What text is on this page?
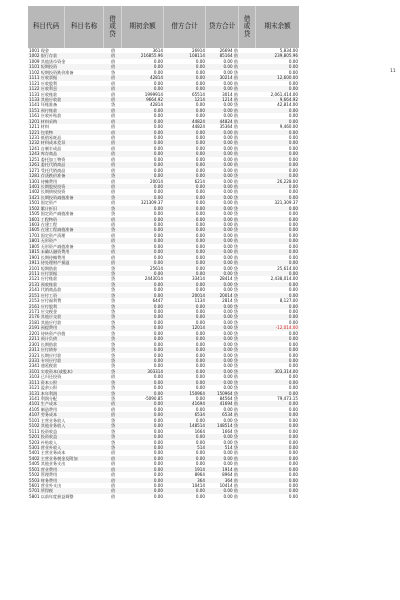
科目代码	科目名称
借
或
贷
期初余额	借方合计	贷方合计
借
或
贷
期末余额
1001 现金	借	3614	26914	26694 借	5,834.00
1002 银行存款	借	216855.96	108114	85164 借	239,805.96
1009 其他货币资金	借	0.00	0.00	0.00 借	0.00
1101 短期投资	借	0.00	0.00	0.00 借	0.00
1102 短期投资跌价准备	贷	0.00	0.00	0.00 贷	0.00
1111 应收票据	借	42814	0.00	30214 借	12,600.00
1121 应收股利	借	0.00	0.00	0.00 借	0.00
1122 应收利息	借	0.00	0.00	0.00 借	0.00
1131 应收账款	借	1999914	65514	3014 借	2,061,414.00
1133 其他应收款	借	9664.92	1214	1214 借	9,664.92
1141 坏账准备	贷	42814	0.00	0.00 贷	42,814.00
1151 预付账款	借	0.00	0.00	0.00 借	0.00
1161 应收补贴款	借	0.00	0.00	0.00 借	0.00
1201 材料采购	借	0.00	44824	44824 借	0.00
1211 材料	借	0.00	44824	35364 借	9,460.00
1221 包装物	借	0.00	0.00	0.00 借	0.00
1231 低值易耗品	借	0.00	0.00	0.00 借	0.00
1232 材料成本差异	借	0.00	0.00	0.00 借	0.00
1241 自制半成品	借	0.00	0.00	0.00 借	0.00
1243 库存商品	借	0.00	0.00	0.00 借	0.00
1251 委托加工物资	借	0.00	0.00	0.00 借	0.00
1261 委托代销商品	借	0.00	0.00	0.00 借	0.00
1271 受托代销商品	借	0.00	0.00	0.00 借	0.00
1281 存货跌价准备	贷	0.00	0.00	0.00 贷	0.00
1301 待摊费用	借	20014	6214	0.00 借	26,228.00
1401 长期股权投资	借	0.00	0.00	0.00 借	0.00
1402 长期债权投资	借	0.00	0.00	0.00 借	0.00
1421 长期投资减值准备	贷	0.00	0.00	0.00 贷	0.00
1501 固定资产	借	321309.37	0.00	0.00 借	321,309.37
1502 累计折旧	贷	0.00	0.00	0.00 贷	0.00
1505 固定资产减值准备	贷	0.00	0.00	0.00 贷	0.00
1601 工程物资	借	0.00	0.00	0.00 借	0.00
1603 在建工程	借	0.00	0.00	0.00 借	0.00
1605 在建工程减值准备	贷	0.00	0.00	0.00 贷	0.00
1701 固定资产清理	借	0.00	0.00	0.00 借	0.00
1801 无形资产	借	0.00	0.00	0.00 借	0.00
1805 无形资产减值准备	贷	0.00	0.00	0.00 贷	0.00
1815 未确认融资费用	借	0.00	0.00	0.00 借	0.00
1901 长期待摊费用	借	0.00	0.00	0.00 借	0.00
1911 待处理财产损溢	借	0.00	0.00	0.00 借	0.00
2101 短期借款	贷	25614	0.00	0.00 贷	25,614.00
2111 应付票据	贷	0.00	0.00	0.00 贷	0.00
2121 应付账款	贷	2443014	33414	28414 贷	2,438,014.00
2131 预收账款	贷	0.00	0.00	0.00 贷	0.00
2141 代销商品款	贷	0.00	0.00	0.00 贷	0.00
2151 应付工资	贷	0.00	20014	20014 贷	0.00
2153 应付福利费	贷	6447	1134	2814 贷	8,127.00
2161 应付股利	贷	0.00	0.00	0.00 贷	0.00
2171 应交税金	贷	0.00	0.00	0.00 贷	0.00
2176 其他应交款	贷	0.00	0.00	0.00 贷	0.00
2181 其他应付款	贷	0.00	0.00	0.00 贷	0.00
2191 预提费用	贷	0.00	12014	0.00 贷	-12,014.00
2201 待转资产价值	贷	0.00	0.00	0.00 贷	0.00
2211 预计负债	贷	0.00	0.00	0.00 贷	0.00
2301 长期借款	贷	0.00	0.00	0.00 贷	0.00
2311 应付债券	贷	0.00	0.00	0.00 贷	0.00
2321 长期应付款	贷	0.00	0.00	0.00 贷	0.00
2331 专项应付款	贷	0.00	0.00	0.00 贷	0.00
2341 递延税款	贷	0.00	0.00	0.00 贷	0.00
3101 实收资本(或股本)	贷	303314	0.00	0.00 贷	303,314.00
3103 已归还投资	借	0.00	0.00	0.00 借	0.00
3111 资本公积	贷	0.00	0.00	0.00 贷	0.00
3121 盈余公积	贷	0.00	0.00	0.00 贷	0.00
3131 本年利润	贷	0.00	150964	150964 贷	0.00
3141 利润分配	贷	-5090.85	0.00	84564 贷	79,473.15
4101 生产成本	借	0.00	41694	41694 借	0.00
4105 制造费用	借	0.00	0.00	0.00 借	0.00
4107 劳务成本	借	0.00	6534	6534 借	0.00
5101 主营业务收入	贷	0.00	0.00	0.00 贷	0.00
5102 其他业务收入	贷	0.00	148514	148514 贷	0.00
5111 投资收益	贷	0.00	1664	1664 贷	0.00
5201 投资收益	贷	0.00	0.00	0.00 贷	0.00
5203 补贴收入	贷	0.00	0.00	0.00 贷	0.00
5301 营业外收入	贷	0.00	514	514 贷	0.00
5401 主营业务成本	借	0.00	0.00	0.00 借	0.00
5402 主营业务税金及附加	借	0.00	0.00	0.00 借	0.00
5405 其他业务支出	借	0.00	0.00	0.00 借	0.00
5501 营业费用	借	0.00	1914	1914 借	0.00
5502 管理费用	借	0.00	8964	8964 借	0.00
5503 财务费用	借	0.00	364	364 借	0.00
5601 营业外支出	借	0.00	10414	10414 借	0.00
5701 所得税	借	0.00	0.00	0.00 借	0.00
5801 以前年度损益调整	借	0.00	0.00	0.00 借	0.00
11
